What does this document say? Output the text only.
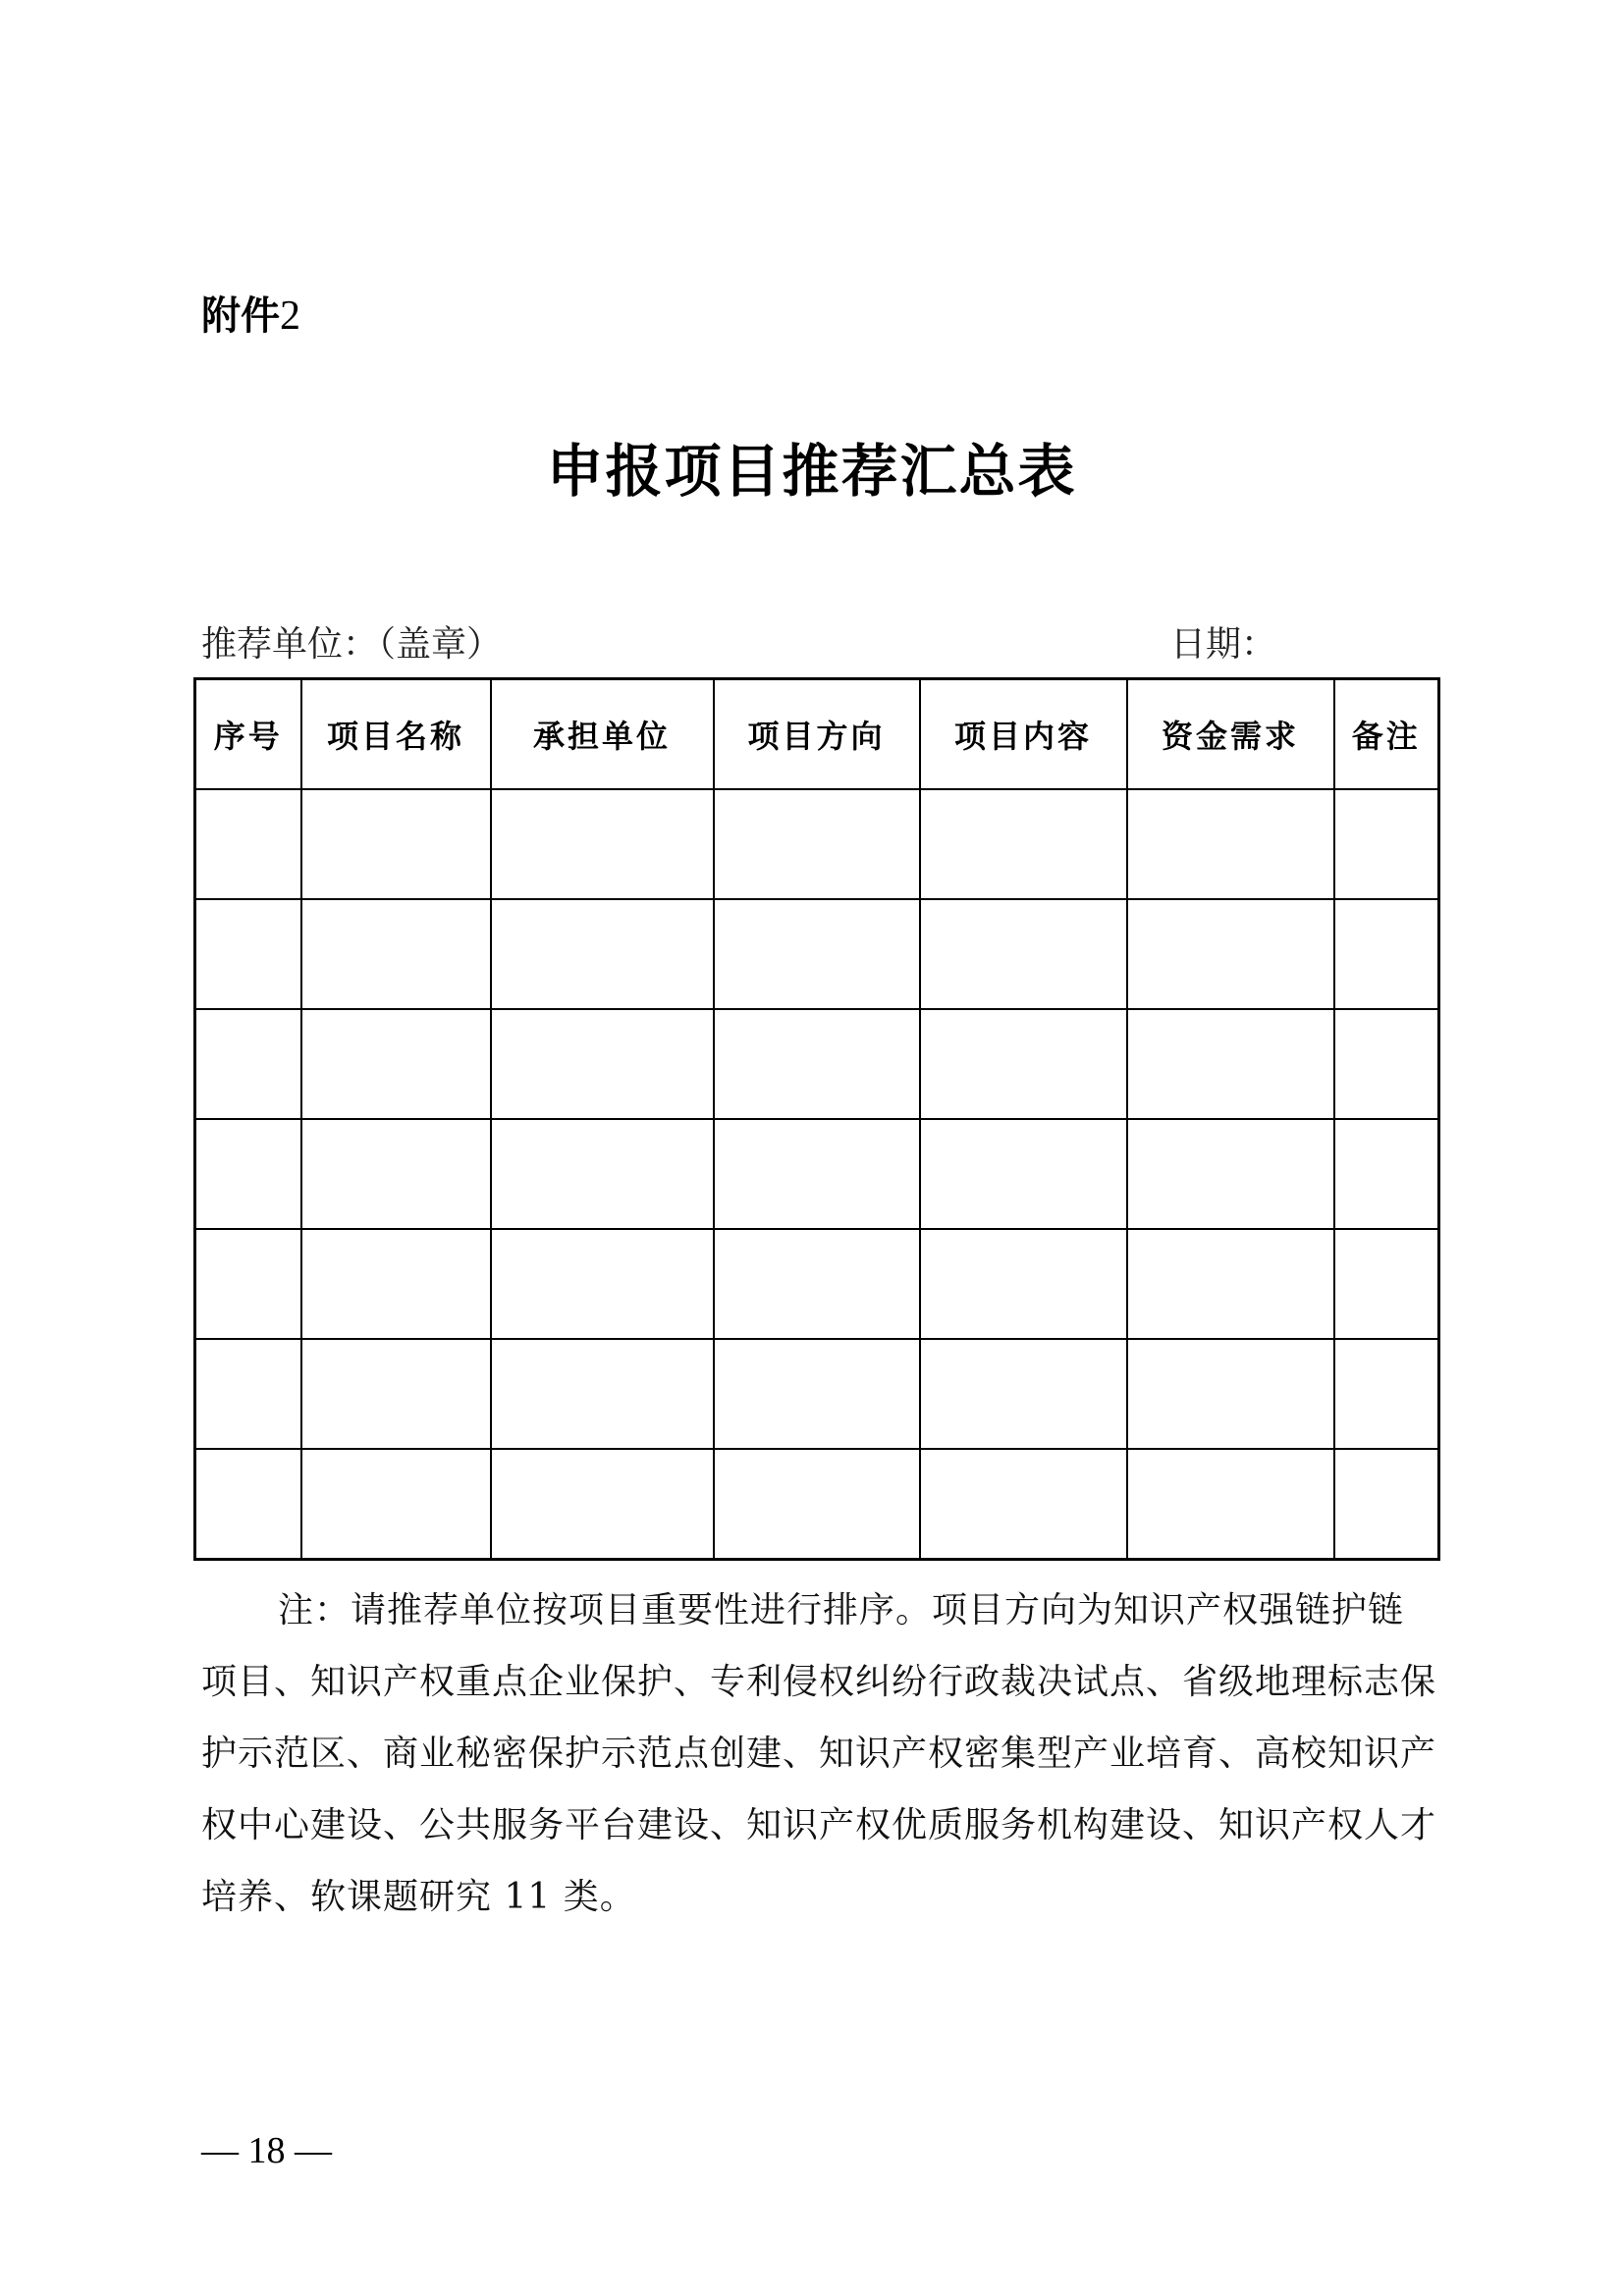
附件2
申报项目推荐汇总表
推荐单位：（盖章）	日期：
序号	项目名称	承担单位	项目方向	项目内容	资金需求	备注

注：请推荐单位按项目重要性进行排序。项目方向为知识产权强链护链项目、知识产权重点企业保护、专利侵权纠纷行政裁决试点、省级地理标志保护示范区、商业秘密保护示范点创建、知识产权密集型产业培育、高校知识产权中心建设、公共服务平台建设、知识产权优质服务机构建设、知识产权人才培养、软课题研究 11 类。
— 18 —
